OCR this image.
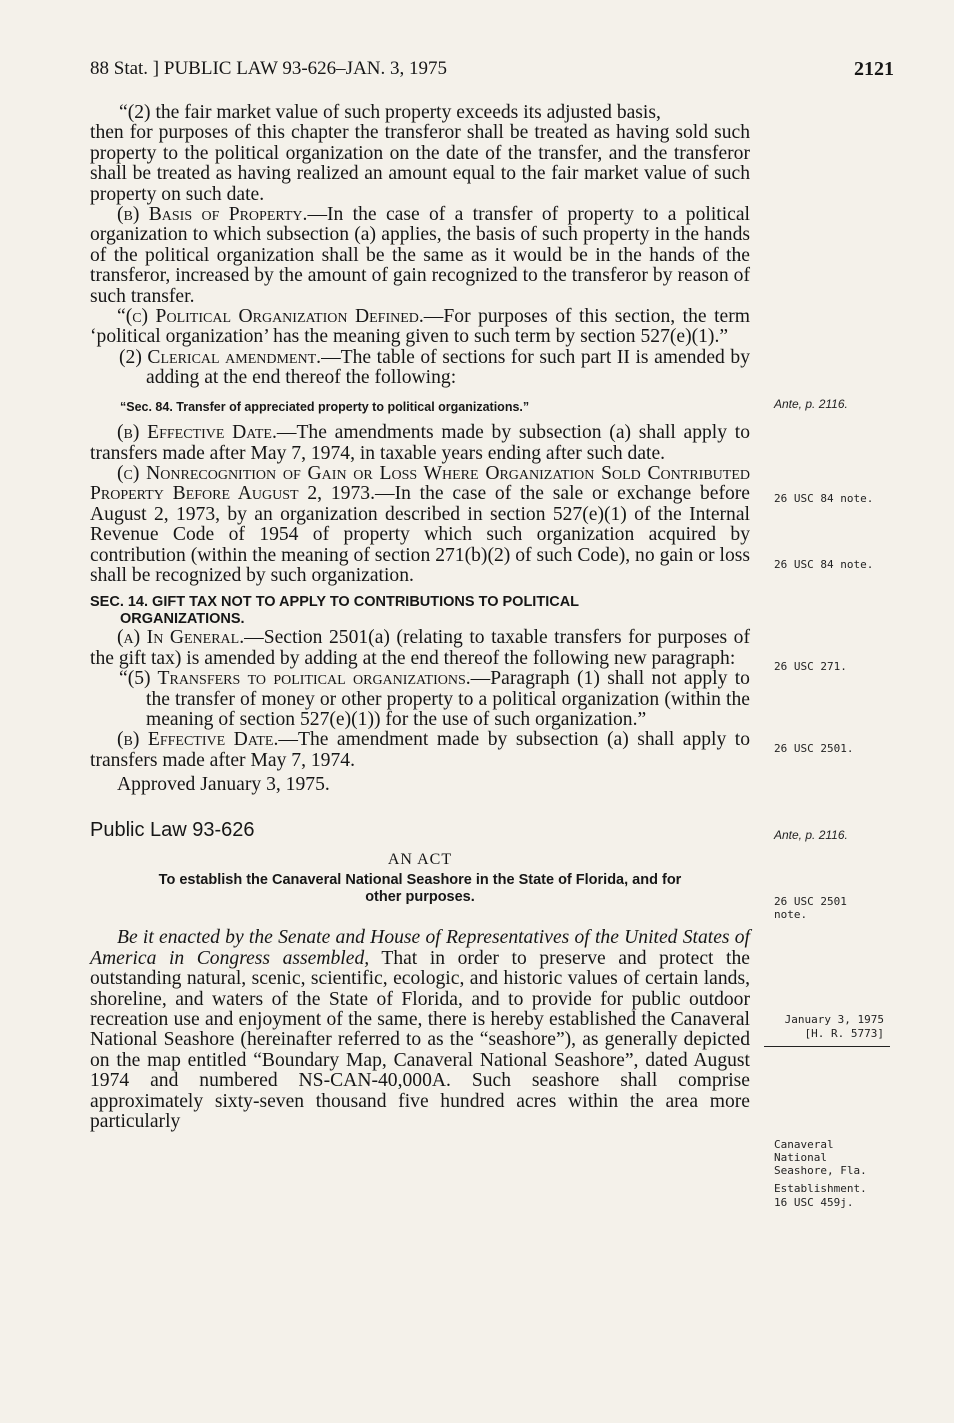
88 Stat. ] PUBLIC LAW 93-626–JAN. 3, 1975	2121

“(2) the fair market value of such property exceeds its adjusted basis,

then for purposes of this chapter the transferor shall be treated as having sold such property to the political organization on the date of the transfer, and the transferor shall be treated as having realized an amount equal to the fair market value of such property on such date.

(b) Basis of Property.—In the case of a transfer of property to a political organization to which subsection (a) applies, the basis of such property in the hands of the political organization shall be the same as it would be in the hands of the transferor, increased by the amount of gain recognized to the transferor by reason of such transfer.

“(c) Political Organization Defined.—For purposes of this section, the term ‘political organization’ has the meaning given to such term by section 527(e)(1).”

(2) Clerical amendment.—The table of sections for such part II is amended by adding at the end thereof the following:

“Sec. 84. Transfer of appreciated property to political organizations.”

(b) Effective Date.—The amendments made by subsection (a) shall apply to transfers made after May 7, 1974, in taxable years ending after such date.

(c) Nonrecognition of Gain or Loss Where Organization Sold Contributed Property Before August 2, 1973.—In the case of the sale or exchange before August 2, 1973, by an organization described in section 527(e)(1) of the Internal Revenue Code of 1954 of property which such organization acquired by contribution (within the meaning of section 271(b)(2) of such Code), no gain or loss shall be recognized by such organization.

SEC. 14. GIFT TAX NOT TO APPLY TO CONTRIBUTIONS TO POLITICAL
ORGANIZATIONS.

(a) In General.—Section 2501(a) (relating to taxable transfers for purposes of the gift tax) is amended by adding at the end thereof the following new paragraph:

“(5) Transfers to political organizations.—Paragraph (1) shall not apply to the transfer of money or other property to a political organization (within the meaning of section 527(e)(1)) for the use of such organization.”

(b) Effective Date.—The amendment made by subsection (a) shall apply to transfers made after May 7, 1974.

Approved January 3, 1975.

Public Law 93-626
AN ACT
To establish the Canaveral National Seashore in the State of Florida, and for
other purposes.

Be it enacted by the Senate and House of Representatives of the United States of America in Congress assembled, That in order to preserve and protect the outstanding natural, scenic, scientific, ecologic, and historic values of certain lands, shoreline, and waters of the State of Florida, and to provide for public outdoor recreation use and enjoyment of the same, there is hereby established the Canaveral National Seashore (hereinafter referred to as the “seashore”), as generally depicted on the map entitled “Boundary Map, Canaveral National Seashore”, dated August 1974 and numbered NS-CAN-40,000A. Such seashore shall comprise approximately sixty-seven thousand five hundred acres within the area more particularly

Ante, p. 2116.
26 USC 84 note.
26 USC 84 note.
26 USC 271.
26 USC 2501.
Ante, p. 2116.
26 USC 2501 note.
January 3, 1975
[H. R. 5773]
Canaveral National Seashore, Fla.
Establishment.
16 USC 459j.
